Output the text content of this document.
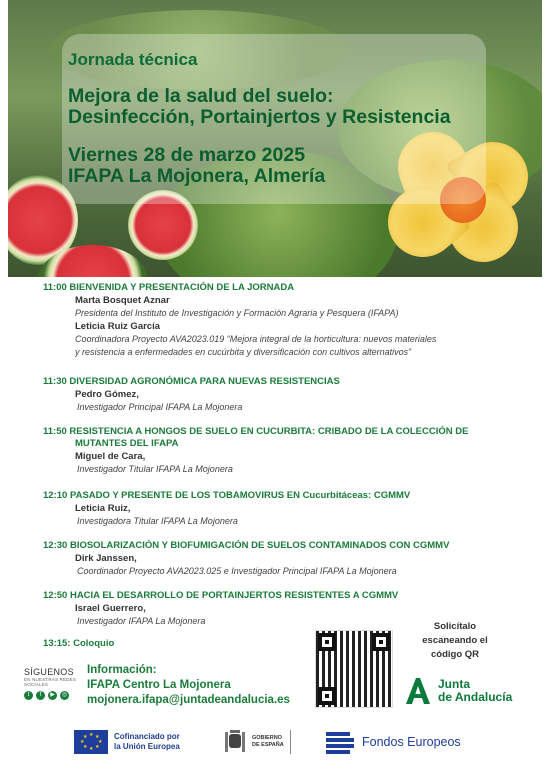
Jornada técnica
Mejora de la salud del suelo:
Desinfección, Portainjertos y Resistencia
Viernes 28 de marzo 2025
IFAPA La Mojonera, Almería
11:00 BIENVENIDA Y PRESENTACIÓN DE LA JORNADA
Marta Bosquet Aznar
Presidenta del Instituto de Investigación y Formación Agraria y Pesquera (IFAPA)
Leticia Ruiz García
Coordinadora Proyecto AVA2023.019 “Mejora integral de la horticultura: nuevos materiales
y resistencia a enfermedades en cucúrbita y diversificación con cultivos alternativos”
11:30 DIVERSIDAD AGRONÓMICA PARA NUEVAS RESISTENCIAS
Pedro Gómez,
Investigador Principal IFAPA La Mojonera
11:50 RESISTENCIA A HONGOS DE SUELO EN CUCURBITA: CRIBADO DE LA COLECCIÓN DE
MUTANTES DEL IFAPA
Miguel de Cara,
Investigador Titular IFAPA La Mojonera
12:10 PASADO Y PRESENTE DE LOS TOBAMOVIRUS EN Cucurbitáceas: CGMMV
Leticia Ruiz,
Investigadora Titular IFAPA La Mojonera
12:30 BIOSOLARIZACIÓN Y BIOFUMIGACIÓN DE SUELOS CONTAMINADOS CON CGMMV
Dirk Janssen,
Coordinador Proyecto AVA2023.025 e Investigador Principal IFAPA La Mojonera
12:50 HACIA EL DESARROLLO DE PORTAINJERTOS RESISTENTES A CGMMV
Israel Guerrero,
Investigador IFAPA La Mojonera
13:15: Coloquio
SÍGUENOS
EN NUESTRAS REDES SOCIALES
t	f	▶	◎
Información:
IFAPA Centro La Mojonera
mojonera.ifapa@juntadeandalucia.es
Solicítalo
escaneando el
código QR
Junta
de Andalucía
★ ★
★
★
★
★
★
★	Cofinanciado por
la Unión Europea
GOBIERNO
DE ESPAÑA	Fondos Europeos
